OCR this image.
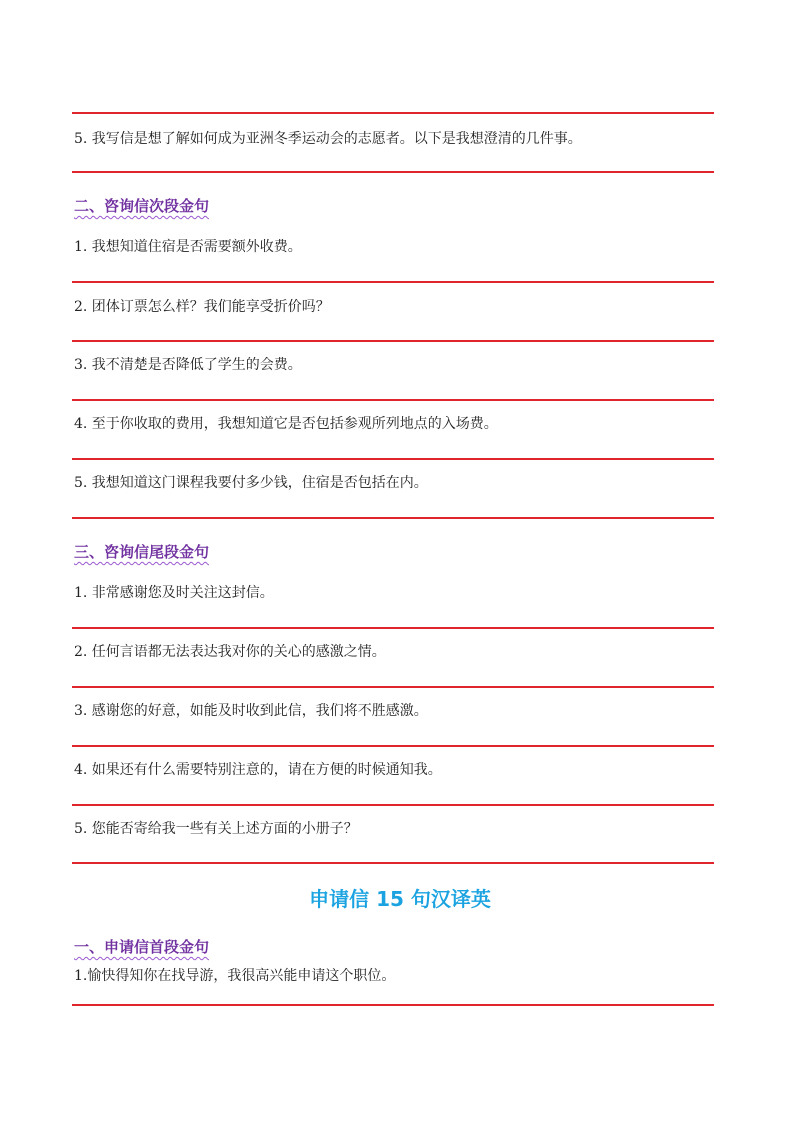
5. 我写信是想了解如何成为亚洲冬季运动会的志愿者。以下是我想澄清的几件事。
二、咨询信次段金句
1. 我想知道住宿是否需要额外收费。
2. 团体订票怎么样？我们能享受折价吗？
3. 我不清楚是否降低了学生的会费。
4. 至于你收取的费用，我想知道它是否包括参观所列地点的入场费。
5. 我想知道这门课程我要付多少钱，住宿是否包括在内。
三、咨询信尾段金句
1. 非常感谢您及时关注这封信。
2. 任何言语都无法表达我对你的关心的感激之情。
3. 感谢您的好意，如能及时收到此信，我们将不胜感激。
4. 如果还有什么需要特别注意的，请在方便的时候通知我。
5. 您能否寄给我一些有关上述方面的小册子？
申请信 15 句汉译英
一、申请信首段金句
1.愉快得知你在找导游，我很高兴能申请这个职位。
